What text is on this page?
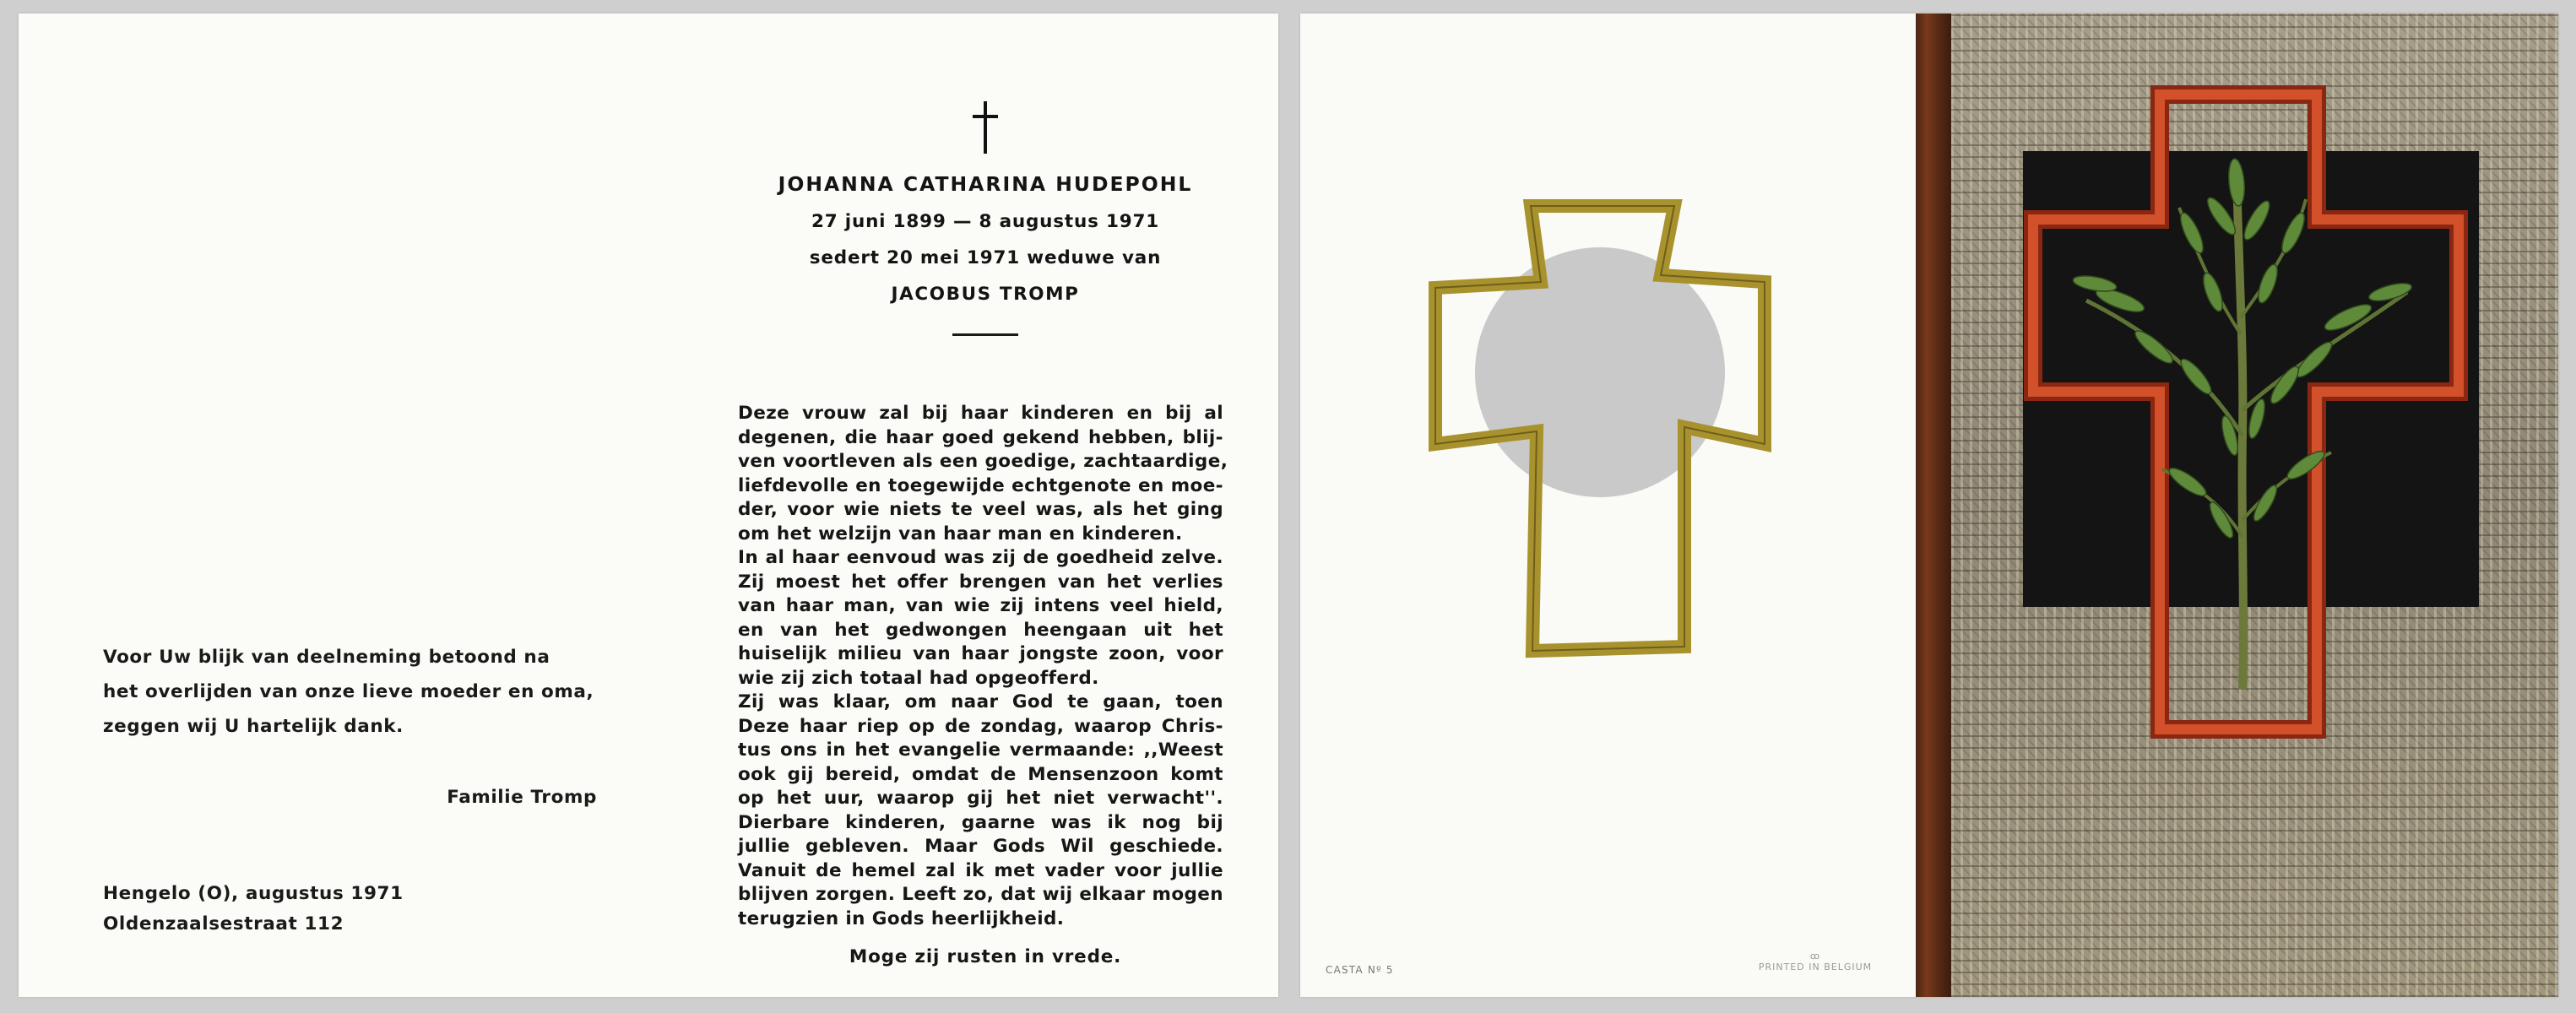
Voor Uw blijk van deelneming betoond na

het overlijden van onze lieve moeder en oma,

zeggen wij U hartelijk dank.

Familie Tromp
Hengelo (O), augustus 1971
Oldenzaalsestraat 112
JOHANNA CATHARINA HUDEPOHL
27 juni 1899 — 8 augustus 1971
sedert 20 mei 1971 weduwe van
JACOBUS TROMP
Deze vrouw zal bij haar kinderen en bij al
degenen, die haar goed gekend hebben, blij-
ven voortleven als een goedige, zachtaardige,
liefdevolle en toegewijde echtgenote en moe-
der, voor wie niets te veel was, als het ging
om het welzijn van haar man en kinderen.
In al haar eenvoud was zij de goedheid zelve.
Zij moest het offer brengen van het verlies
van haar man, van wie zij intens veel hield,
en van het gedwongen heengaan uit het
huiselijk milieu van haar jongste zoon, voor
wie zij zich totaal had opgeofferd.
Zij was klaar, om naar God te gaan, toen
Deze haar riep op de zondag, waarop Chris-
tus ons in het evangelie vermaande: ,,Weest
ook gij bereid, omdat de Mensenzoon komt
op het uur, waarop gij het niet verwacht''.
Dierbare kinderen, gaarne was ik nog bij
jullie gebleven. Maar Gods Wil geschiede.
Vanuit de hemel zal ik met vader voor jullie
blijven zorgen. Leeft zo, dat wij elkaar mogen
terugzien in Gods heerlijkheid.
Moge zij rusten in vrede.
CASTA Nº 5
ꝏ
PRINTED IN BELGIUM
